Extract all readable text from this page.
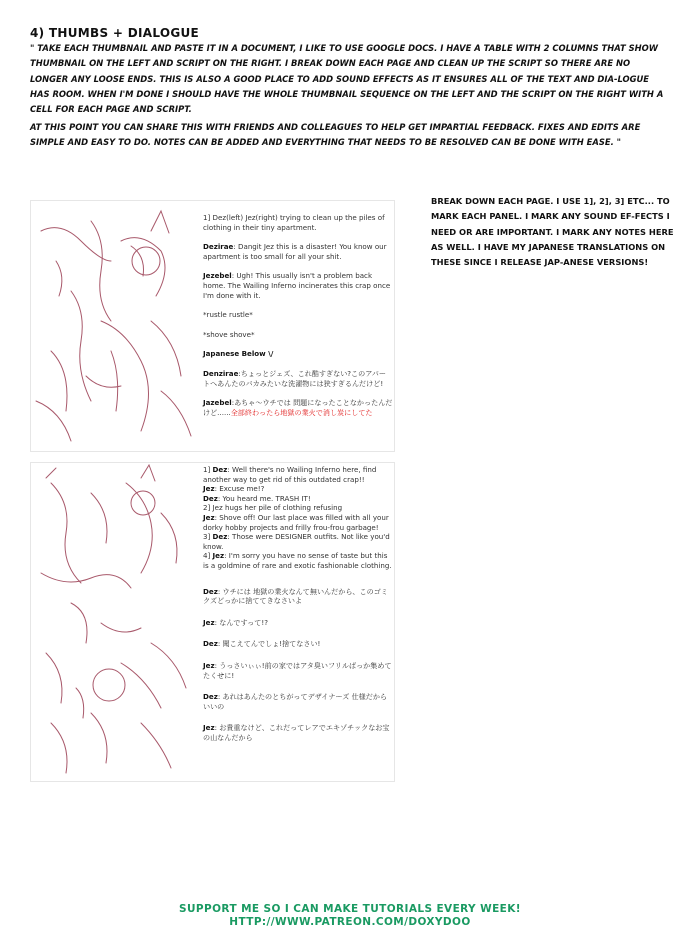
4) THUMBS + DIALOGUE

" TAKE EACH THUMBNAIL AND PASTE IT IN A DOCUMENT, I LIKE TO USE GOOGLE DOCS. I HAVE A TABLE WITH 2 COLUMNS THAT SHOW THUMBNAIL ON THE LEFT AND SCRIPT ON THE RIGHT. I BREAK DOWN EACH PAGE AND CLEAN UP THE SCRIPT SO THERE ARE NO LONGER ANY LOOSE ENDS. THIS IS ALSO A GOOD PLACE TO ADD SOUND EFFECTS AS IT ENSURES ALL OF THE TEXT AND DIA-LOGUE HAS ROOM. WHEN I'M DONE I SHOULD HAVE THE WHOLE THUMBNAIL SEQUENCE ON THE LEFT AND THE SCRIPT ON THE RIGHT WITH A CELL FOR EACH PAGE AND SCRIPT.

AT THIS POINT YOU CAN SHARE THIS WITH FRIENDS AND COLLEAGUES TO HELP GET IMPARTIAL FEEDBACK. FIXES AND EDITS ARE SIMPLE AND EASY TO DO. NOTES CAN BE ADDED AND EVERYTHING THAT NEEDS TO BE RESOLVED CAN BE DONE WITH EASE. "

BREAK DOWN EACH PAGE. I USE 1], 2], 3] ETC... TO MARK EACH PANEL. I MARK ANY SOUND EF-FECTS I NEED OR ARE IMPORTANT. I MARK ANY NOTES HERE AS WELL. I HAVE MY JAPANESE TRANSLATIONS ON THESE SINCE I RELEASE JAP-ANESE VERSIONS!

1] Dez(left) Jez(right) trying to clean up the piles of clothing in their tiny apartment.

Dezirae: Dangit Jez this is a disaster! You know our apartment is too small for all your shit.

Jezebel: Ugh! This usually isn't a problem back home. The Wailing Inferno incinerates this crap once I'm done with it.

*rustle rustle*

*shove shove*

Japanese Below \/

Denzirae:ちょっとジェズ、これ酷すぎない?このアパートへあんたのバカみたいな洗濯物には狭すぎるんだけど!

Jazebel:あちゃ～ウチでは 問題になったことなかったんだけど......全部終わったら地獄の業火で消し炭にしてた

1] Dez: Well there's no Wailing Inferno here, find another way to get rid of this outdated crap!!

Jez: Excuse me!?

Dez: You heard me. TRASH IT!

2] Jez hugs her pile of clothing refusing

Jez: Shove off! Our last place was filled with all your dorky hobby projects and frilly frou-frou garbage!

3] Dez: Those were DESIGNER outfits. Not like you'd know.

4] Jez: I'm sorry you have no sense of taste but this is a goldmine of rare and exotic fashionable clothing.

Dez: ウチには 地獄の業火なんて無いんだから、このゴミクズどっかに捨ててきなさいよ

Jez: なんですって!?

Dez: 聞こえてんでしょ!捨てなさい!

Jez: うっさいぃぃ!前の家ではアタ臭いフリルばっか集めてたくせに!

Dez: あれはあんたのとちがってデザイナーズ 仕様だからいいの

Jez: お貴重なけど、これだってレアでエキゾチックなお宝の山なんだから

SUPPORT ME SO I CAN MAKE TUTORIALS EVERY WEEK!
HTTP://WWW.PATREON.COM/DOXYDOO
